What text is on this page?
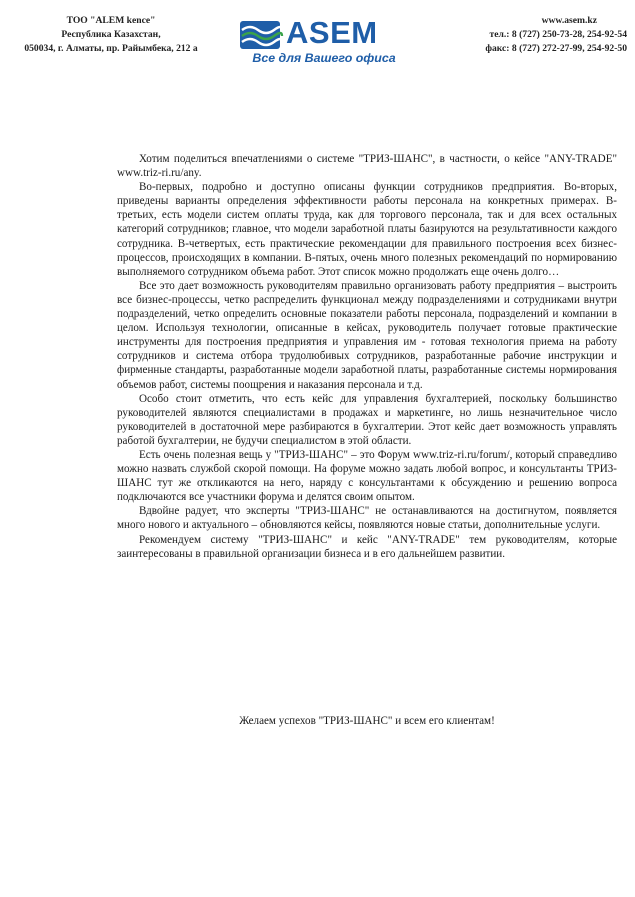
ТОО "ALEM kence"
Республика Казахстан,
050034, г. Алматы, пр. Райымбека, 212 а	ASEM
Все для Вашего офиса
www.asem.kz
тел.: 8 (727) 250-73-28, 254-92-54
факс: 8 (727) 272-27-99, 254-92-50

Хотим поделиться впечатлениями о системе "ТРИЗ-ШАНС", в частности, о кейсе "ANY-TRADE" www.triz-ri.ru/any.

Во-первых, подробно и доступно описаны функции сотрудников предприятия. Во-вторых, приведены варианты определения эффективности работы персонала на конкретных примерах. В-третьих, есть модели систем оплаты труда, как для торгового персонала, так и для всех остальных категорий сотрудников; главное, что модели заработной платы базируются на результативности каждого сотрудника. В-четвертых, есть практические рекомендации для правильного построения всех бизнес-процессов, происходящих в компании. В-пятых, очень много полезных рекомендаций по нормированию выполняемого сотрудником объема работ. Этот список можно продолжать еще очень долго…

Все это дает возможность руководителям правильно организовать работу предприятия – выстроить все бизнес-процессы, четко распределить функционал между подразделениями и сотрудниками внутри подразделений, четко определить основные показатели работы персонала, подразделений и компании в целом. Используя технологии, описанные в кейсах, руководитель получает готовые практические инструменты для построения предприятия и управления им - готовая технология приема на работу сотрудников и система отбора трудолюбивых сотрудников, разработанные рабочие инструкции и фирменные стандарты, разработанные модели заработной платы, разработанные системы нормирования объемов работ, системы поощрения и наказания персонала и т.д.

Особо стоит отметить, что есть кейс для управления бухгалтерией, поскольку большинство руководителей являются специалистами в продажах и маркетинге, но лишь незначительное число руководителей в достаточной мере разбираются в бухгалтерии. Этот кейс дает возможность управлять работой бухгалтерии, не будучи специалистом в этой области.

Есть очень полезная вещь у "ТРИЗ-ШАНС" – это Форум www.triz-ri.ru/forum/, который справедливо можно назвать службой скорой помощи. На форуме можно задать любой вопрос, и консультанты ТРИЗ-ШАНС тут же откликаются на него, наряду с консультантами к обсуждению и решению вопроса подключаются все участники форума и делятся своим опытом.

Вдвойне радует, что эксперты "ТРИЗ-ШАНС" не останавливаются на достигнутом, появляется много нового и актуального – обновляются кейсы, появляются новые статьи, дополнительные услуги.

Рекомендуем систему "ТРИЗ-ШАНС" и кейс "ANY-TRADE" тем руководителям, которые заинтересованы в правильной организации бизнеса и в его дальнейшем развитии.

Желаем успехов "ТРИЗ-ШАНС" и всем его клиентам!
